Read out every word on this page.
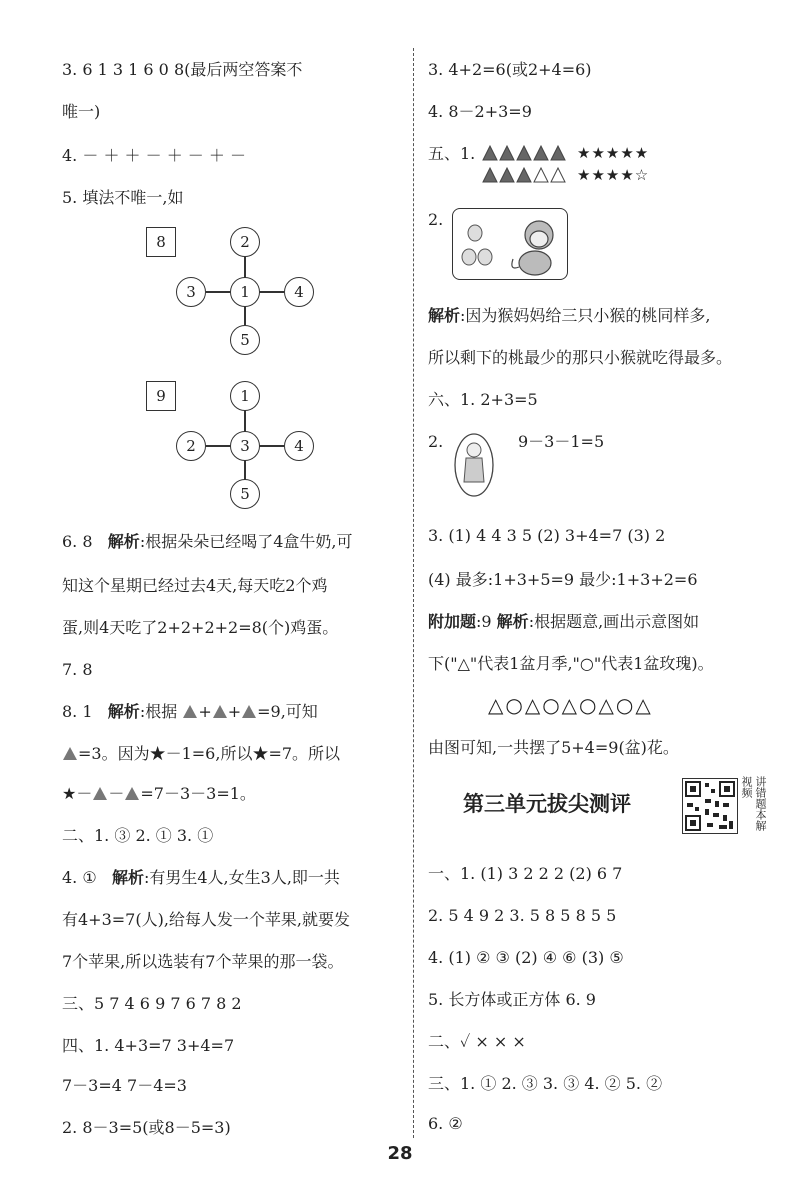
3. 6 1 3 1 6 0 8(最后两空答案不
唯一)
4. － ＋ ＋ － ＋ － ＋ －
5. 填法不唯一,如
8	2
3	1	4
5
9	1
2	3	4
5
6. 8 解析:根据朵朵已经喝了4盒牛奶,可
知这个星期已经过去4天,每天吃2个鸡
蛋,则4天吃了2+2+2+2=8(个)鸡蛋。
7. 8
8. 1 解析:根据 + + =9,可知
=3。因为★－1=6,所以★=7。所以
★－ － =7－3－3=1。
二、1. ③ 2. ① 3. ①
4. ① 解析:有男生4人,女生3人,即一共
有4+3=7(人),给每人发一个苹果,就要发
7个苹果,所以选装有7个苹果的那一袋。
三、5 7 4 6 9 7 6 7 8 2
四、1. 4+3=7 3+4=7
7－3=4 7－4=3
2. 8－3=5(或8－5=3)
3. 4+2=6(或2+4=6)
4. 8－2+3=9
五、1.	★★★★★
★★★★☆
2.
解析:因为猴妈妈给三只小猴的桃同样多,
所以剩下的桃最少的那只小猴就吃得最多。
六、1. 2+3=5
2.	9－3－1=5
3. (1) 4 4 3 5 (2) 3+4=7 (3) 2
(4) 最多:1+3+5=9 最少:1+3+2=6
附加题:9 解析:根据题意,画出示意图如
下("△"代表1盆月季,"○"代表1盆玫瑰)。
△○△○△○△○△
由图可知,一共摆了5+4=9(盆)花。
第三单元拔尖测评	讲错题本解视频
一、1. (1) 3 2 2 2 (2) 6 7
2. 5 4 9 2 3. 5 8 5 8 5 5
4. (1) ② ③ (2) ④ ⑥ (3) ⑤
5. 长方体或正方体 6. 9
二、✓ × × ×
三、1. ① 2. ③ 3. ③ 4. ② 5. ②
6. ②
28
